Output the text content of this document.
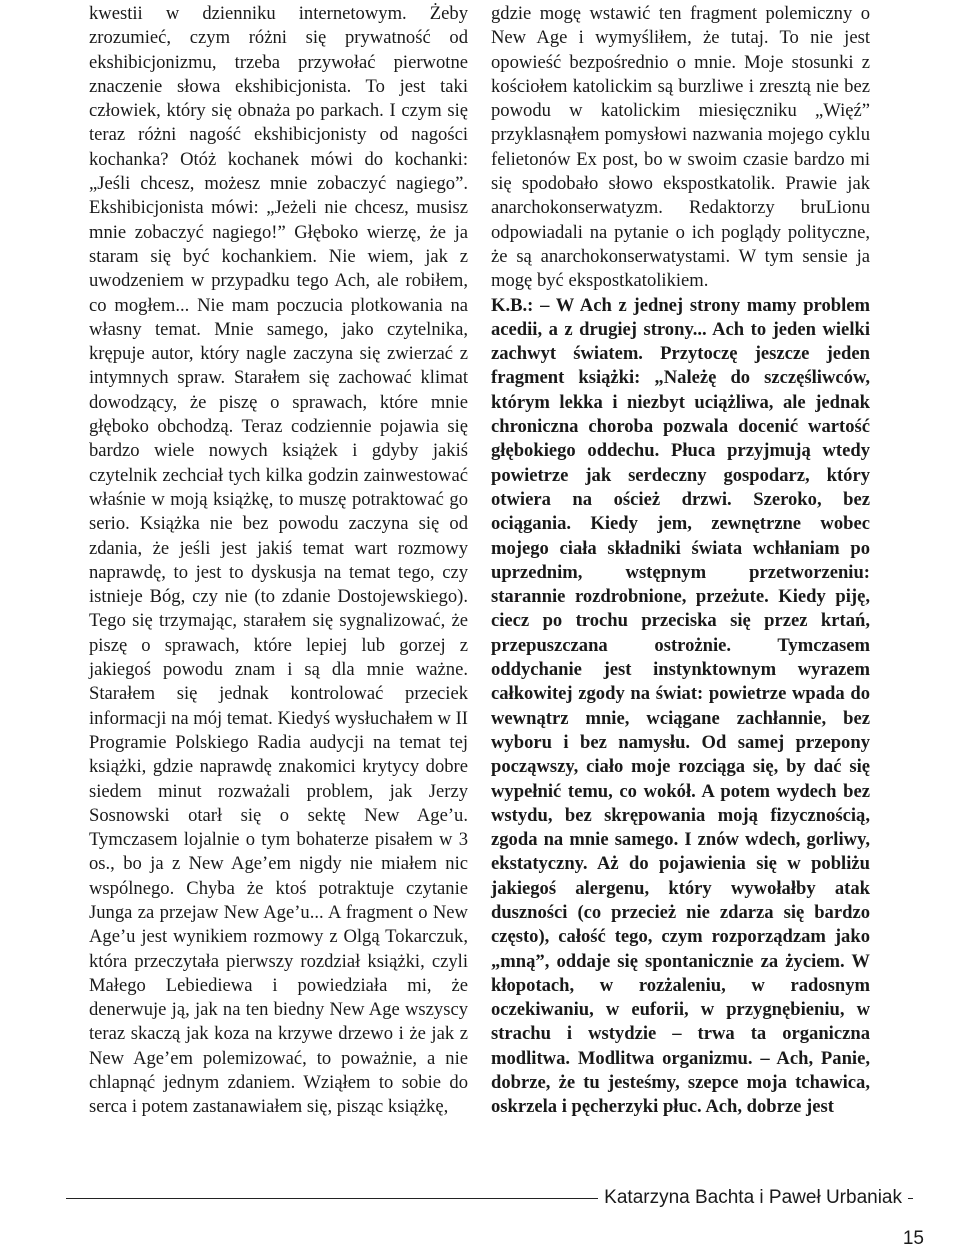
kwestii w dzienniku internetowym. Żeby zrozumieć, czym różni się prywatność od ekshibicjonizmu, trzeba przywołać pierwotne znaczenie słowa ekshibicjonista. To jest taki człowiek, który się obnaża po parkach. I czym się teraz różni nagość ekshibicjonisty od nagości kochanka? Otóż kochanek mówi do kochanki: „Jeśli chcesz, możesz mnie zobaczyć nagiego”. Ekshibicjonista mówi: „Jeżeli nie chcesz, musisz mnie zobaczyć nagiego!” Głęboko wierzę, że ja staram się być kochankiem. Nie wiem, jak z uwodzeniem w przypadku tego Ach, ale robiłem, co mogłem... Nie mam poczucia plotkowania na własny temat. Mnie samego, jako czytelnika, krępuje autor, który nagle zaczyna się zwierzać z intymnych spraw. Starałem się zachować klimat dowodzący, że piszę o sprawach, które mnie głęboko obchodzą. Teraz codziennie pojawia się bardzo wiele nowych książek i gdyby jakiś czytelnik zechciał tych kilka godzin zainwestować właśnie w moją książkę, to muszę potraktować go serio. Książka nie bez powodu zaczyna się od zdania, że jeśli jest jakiś temat wart rozmowy naprawdę, to jest to dyskusja na temat tego, czy istnieje Bóg, czy nie (to zdanie Dostojewskiego). Tego się trzymając, starałem się sygnalizować, że piszę o sprawach, które lepiej lub gorzej z jakiegoś powodu znam i są dla mnie ważne. Starałem się jednak kontrolować przeciek informacji na mój temat. Kiedyś wysłuchałem w II Programie Polskiego Radia audycji na temat tej książki, gdzie naprawdę znakomici krytycy dobre siedem minut rozważali problem, jak Jerzy Sosnowski otarł się o sektę New Age’u. Tymczasem lojalnie o tym bohaterze pisałem w 3 os., bo ja z New Age’em nigdy nie miałem nic wspólnego. Chyba że ktoś potraktuje czytanie Junga za przejaw New Age’u... A fragment o New Age’u jest wynikiem rozmowy z Olgą Tokarczuk, która przeczytała pierwszy rozdział książki, czyli Małego Lebiediewa i powiedziała mi, że denerwuje ją, jak na ten biedny New Age wszyscy teraz skaczą jak koza na krzywe drzewo i że jak z New Age’em polemizować, to poważnie, a nie chlapnąć jednym zdaniem. Wziąłem to sobie do serca i potem zastanawiałem się, pisząc książkę,

gdzie mogę wstawić ten fragment polemiczny o New Age i wymyśliłem, że tutaj. To nie jest opowieść bezpośrednio o mnie. Moje stosunki z kościołem katolickim są burzliwe i zresztą nie bez powodu w katolickim miesięczniku „Więź” przyklasnąłem pomysłowi nazwania mojego cyklu felietonów Ex post, bo w swoim czasie bardzo mi się spodobało słowo ekspostkatolik. Prawie jak anarchokonserwatyzm. Redaktorzy bruLionu odpowiadali na pytanie o ich poglądy polityczne, że są anarchokonserwatystami. W tym sensie ja mogę być ekspostkatolikiem.

K.B.: – W Ach z jednej strony mamy problem acedii, a z drugiej strony... Ach to jeden wielki zachwyt światem. Przytoczę jeszcze jeden fragment książki: „Należę do szczęśliwców, którym lekka i niezbyt uciążliwa, ale jednak chroniczna choroba pozwala docenić wartość głębokiego oddechu. Płuca przyjmują wtedy powietrze jak serdeczny gospodarz, który otwiera na oścież drzwi. Szeroko, bez ociągania. Kiedy jem, zewnętrzne wobec mojego ciała składniki świata wchłaniam po uprzednim, wstępnym przetworzeniu: starannie rozdrobnione, przeżute. Kiedy piję, ciecz po trochu przeciska się przez krtań, przepuszczana ostrożnie. Tymczasem oddychanie jest instynktownym wyrazem całkowitej zgody na świat: powietrze wpada do wewnątrz mnie, wciągane zachłannie, bez wyboru i bez namysłu. Od samej przepony począwszy, ciało moje rozciąga się, by dać się wypełnić temu, co wokół. A potem wydech bez wstydu, bez skrępowania moją fizycznością, zgoda na mnie samego. I znów wdech, gorliwy, ekstatyczny. Aż do pojawienia się w pobliżu jakiegoś alergenu, który wywołałby atak duszności (co przecież nie zdarza się bardzo często), całość tego, czym rozporządzam jako „mną”, oddaje się spontanicznie za życiem. W kłopotach, w rozżaleniu, w radosnym oczekiwaniu, w euforii, w przygnębieniu, w strachu i wstydzie – trwa ta organiczna modlitwa. Modlitwa organizmu. – Ach, Panie, dobrze, że tu jesteśmy, szepce moja tchawica, oskrzela i pęcherzyki płuc. Ach, dobrze jest

Katarzyna Bachta i Paweł Urbaniak
15
